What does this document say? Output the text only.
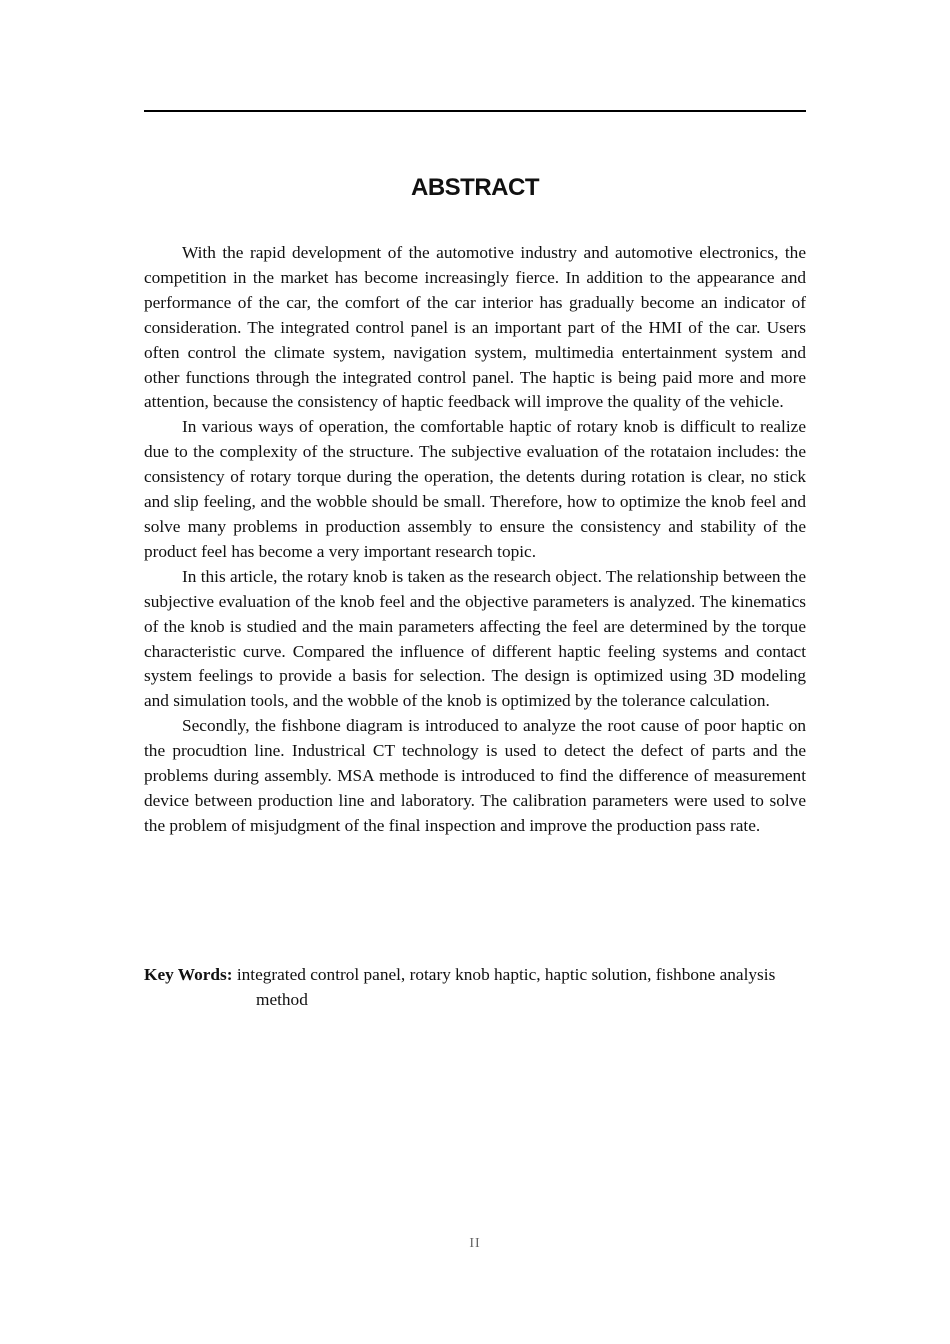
ABSTRACT

With the rapid development of the automotive industry and automotive electronics, the competition in the market has become increasingly fierce. In addition to the appearance and performance of the car, the comfort of the car interior has gradually become an indicator of consideration. The integrated control panel is an important part of the HMI of the car. Users often control the climate system, navigation system, multimedia entertainment system and other functions through the integrated control panel. The haptic is being paid more and more attention, because the consistency of haptic feedback will improve the quality of the vehicle.

In various ways of operation, the comfortable haptic of rotary knob is difficult to realize due to the complexity of the structure. The subjective evaluation of the rotataion includes: the consistency of rotary torque during the operation, the detents during rotation is clear, no stick and slip feeling, and the wobble should be small. Therefore, how to optimize the knob feel and solve many problems in production assembly to ensure the consistency and stability of the product feel has become a very important research topic.

In this article, the rotary knob is taken as the research object. The relationship between the subjective evaluation of the knob feel and the objective parameters is analyzed. The kinematics of the knob is studied and the main parameters affecting the feel are determined by the torque characteristic curve. Compared the influence of different haptic feeling systems and contact system feelings to provide a basis for selection. The design is optimized using 3D modeling and simulation tools, and the wobble of the knob is optimized by the tolerance calculation.

Secondly, the fishbone diagram is introduced to analyze the root cause of poor haptic on the procudtion line. Industrical CT technology is used to detect the defect of parts and the problems during assembly. MSA methode is introduced to find the difference of measurement device between production line and laboratory. The calibration parameters were used to solve the problem of misjudgment of the final inspection and improve the production pass rate.

Key Words: integrated control panel, rotary knob haptic, haptic solution, fishbone analysis method
II
